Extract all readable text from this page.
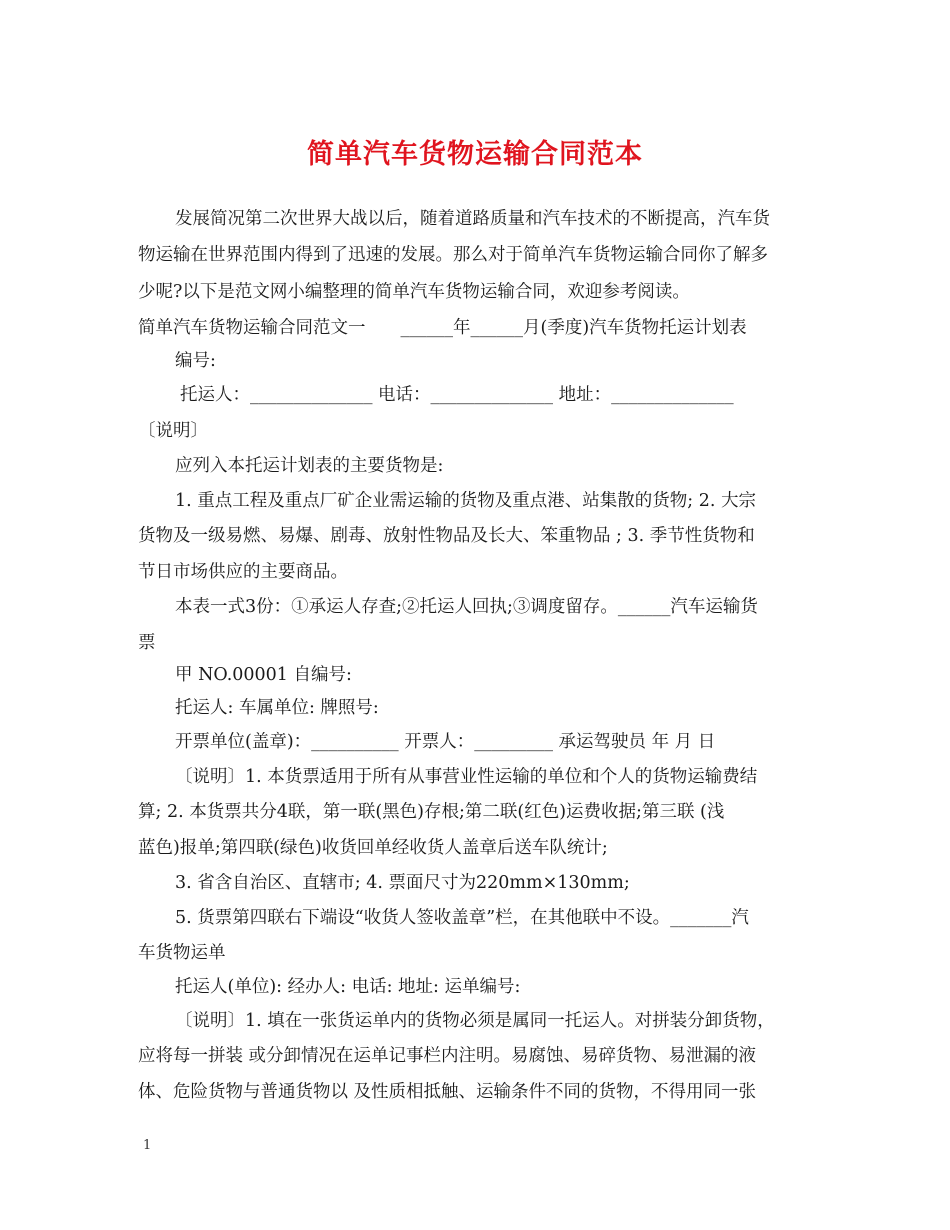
简单汽车货物运输合同范本
发展简况第二次世界大战以后，随着道路质量和汽车技术的不断提高，汽车货
物运输在世界范围内得到了迅速的发展。那么对于简单汽车货物运输合同你了解多
少呢?以下是范文网小编整理的简单汽车货物运输合同，欢迎参考阅读。
简单汽车货物运输合同范文一　　______年______月(季度)汽车货物托运计划表
编号:
托运人：______________ 电话：______________ 地址：______________
〔说明〕
应列入本托运计划表的主要货物是:
1. 重点工程及重点厂矿企业需运输的货物及重点港、站集散的货物; 2. 大宗
货物及一级易燃、易爆、剧毒、放射性物品及长大、笨重物品 ; 3. 季节性货物和
节日市场供应的主要商品。
本表一式3份：①承运人存查;②托运人回执;③调度留存。______汽车运输货
票
甲 NO.00001 自编号:
托运人: 车属单位: 牌照号:
开票单位(盖章)：__________ 开票人：_________ 承运驾驶员 年 月 日
〔说明〕1. 本货票适用于所有从事营业性运输的单位和个人的货物运输费结
算; 2. 本货票共分4联，第一联(黑色)存根;第二联(红色)运费收据;第三联 (浅
蓝色)报单;第四联(绿色)收货回单经收货人盖章后送车队统计;
3. 省含自治区、直辖市; 4. 票面尺寸为220mm×130mm;
5. 货票第四联右下端设“收货人签收盖章”栏，在其他联中不设。_______汽
车货物运单
托运人(单位): 经办人: 电话: 地址: 运单编号:
〔说明〕1. 填在一张货运单内的货物必须是属同一托运人。对拼装分卸货物，
应将每一拼装 或分卸情况在运单记事栏内注明。易腐蚀、易碎货物、易泄漏的液
体、危险货物与普通货物以 及性质相抵触、运输条件不同的货物，不得用同一张
1
